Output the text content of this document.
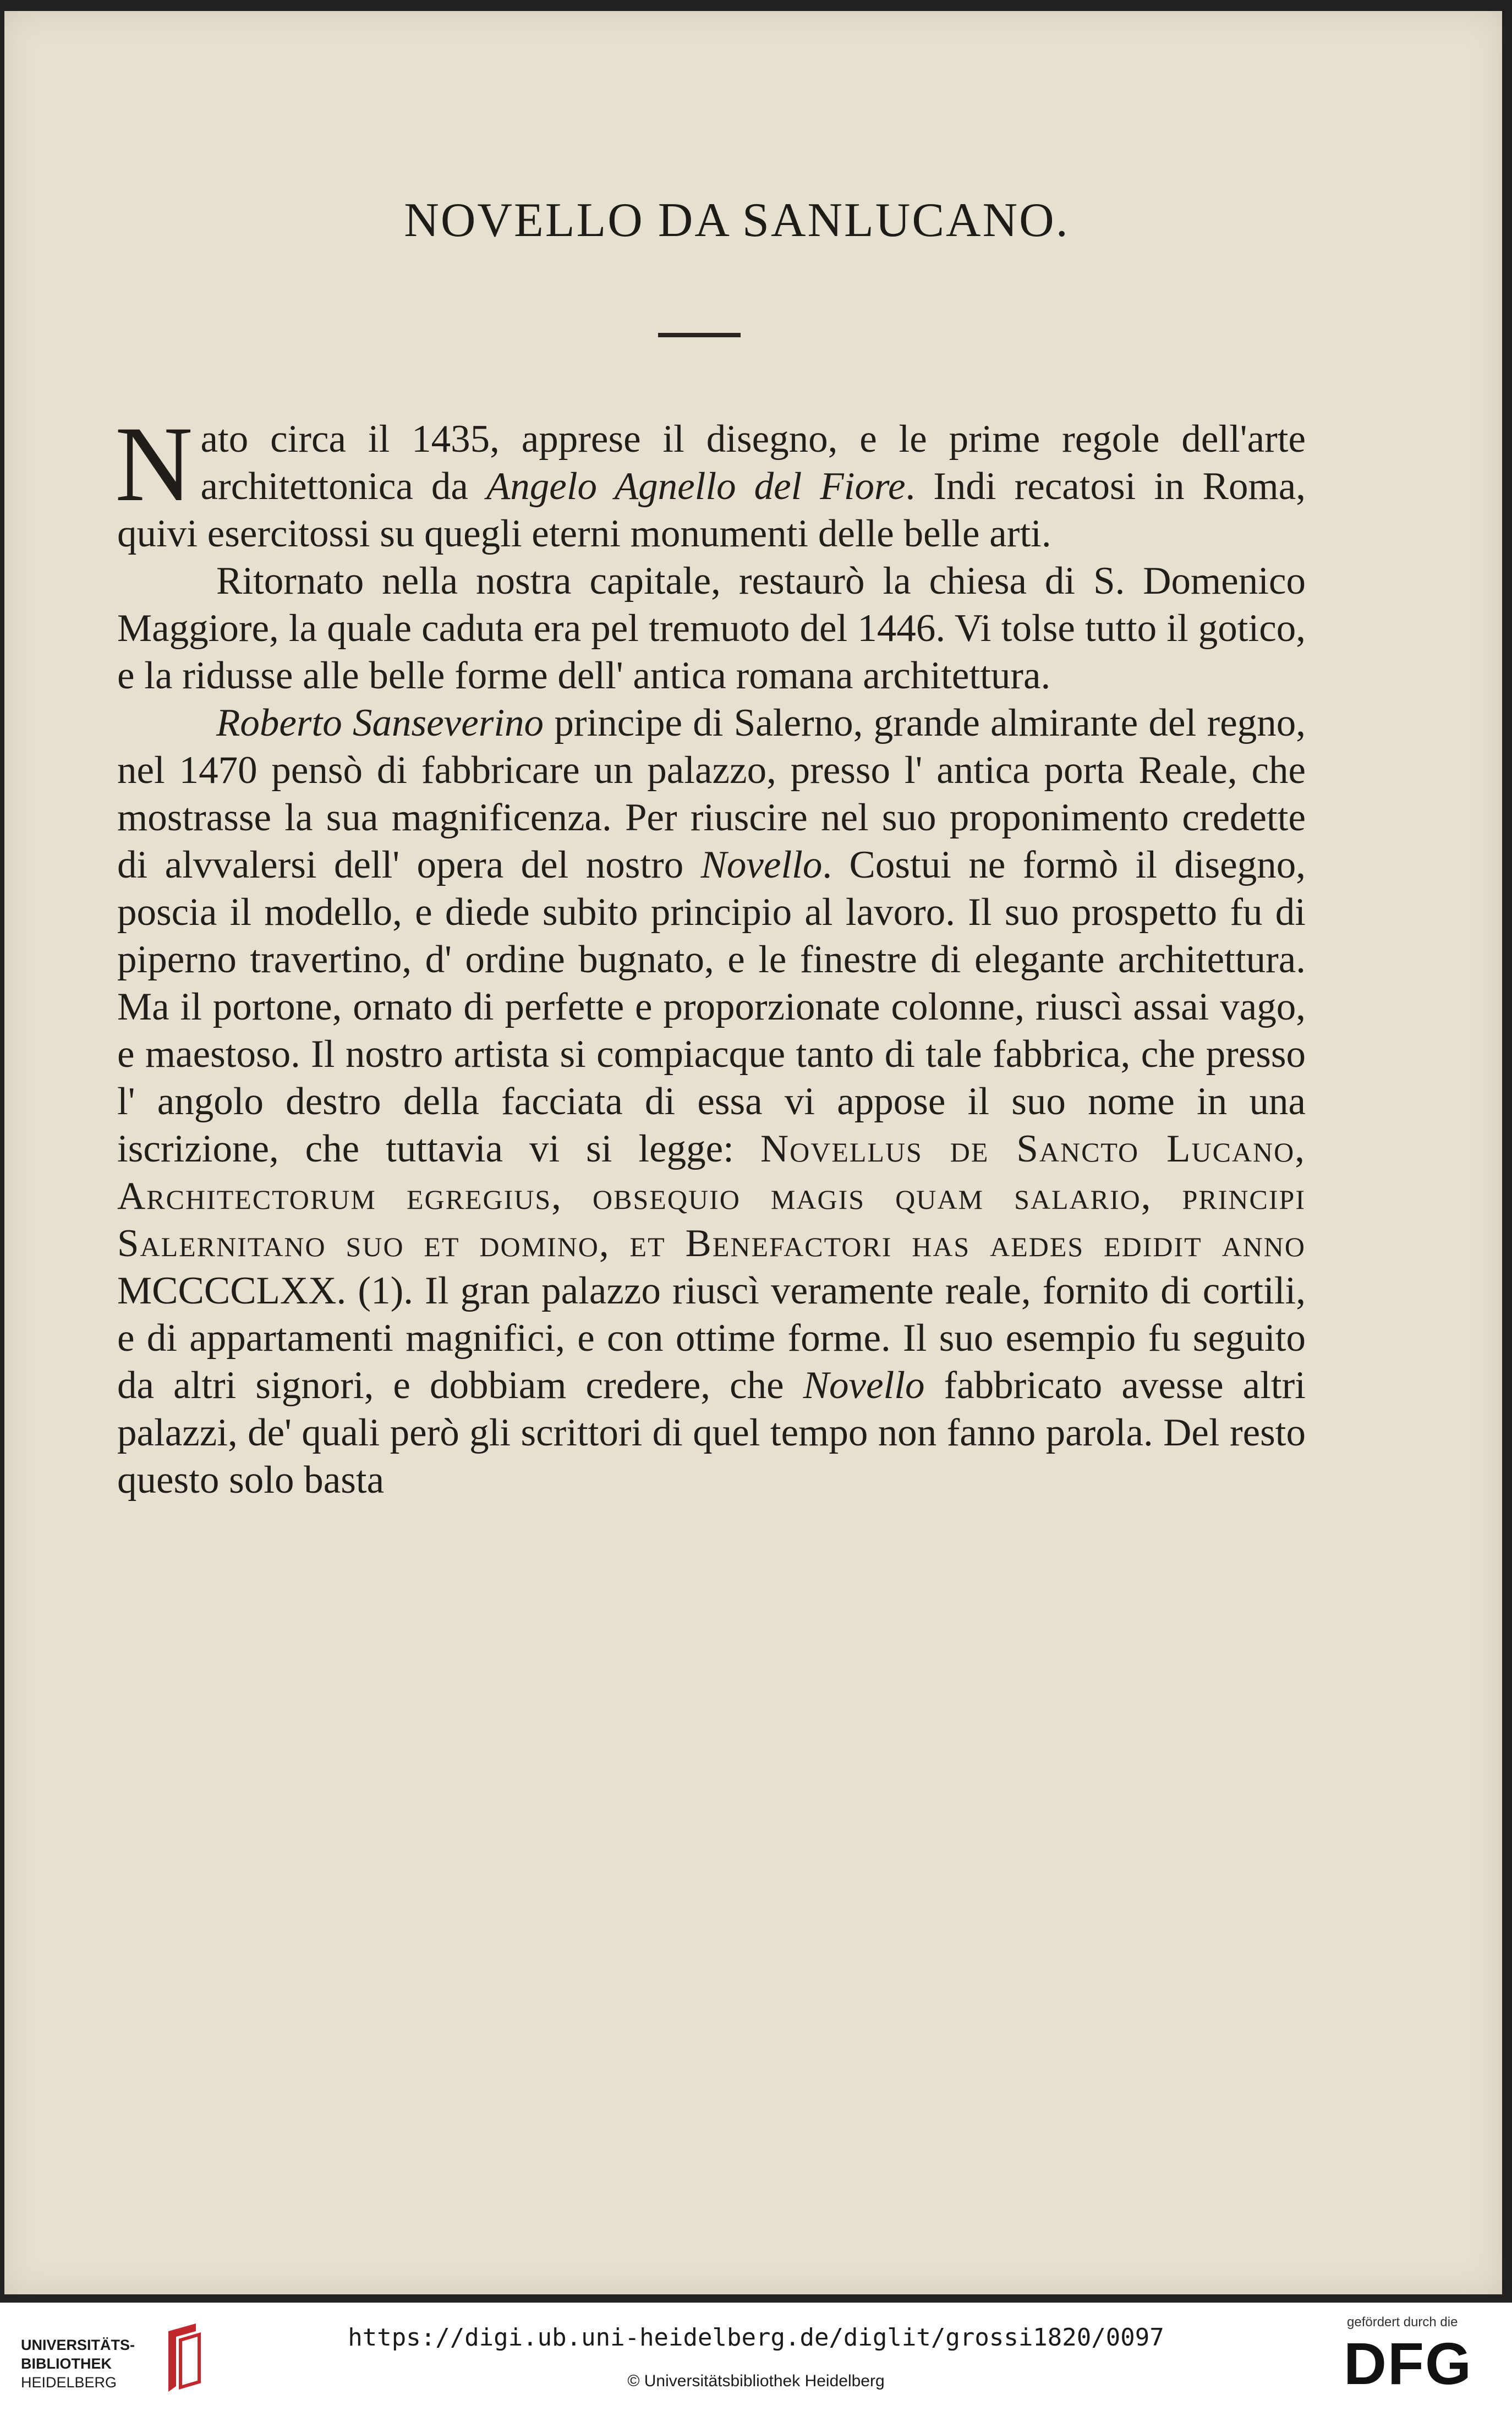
NOVELLO DA SANLUCANO.

Nato circa il 1435, apprese il disegno, e le prime regole dell'arte architettonica da Angelo Agnello del Fiore. Indi recatosi in Roma, quivi esercitossi su quegli eterni monumenti delle belle arti.

Ritornato nella nostra capitale, restaurò la chiesa di S. Domenico Maggiore, la quale caduta era pel tremuoto del 1446. Vi tolse tutto il gotico, e la ridusse alle belle forme dell' antica romana architettura.

Roberto Sanseverino principe di Salerno, grande almirante del regno, nel 1470 pensò di fabbricare un palazzo, presso l' antica porta Reale, che mostrasse la sua magnificenza. Per riuscire nel suo proponimento credette di alvvalersi dell' opera del nostro Novello. Costui ne formò il disegno, poscia il modello, e diede subito principio al lavoro. Il suo prospetto fu di piperno travertino, d' ordine bugnato, e le finestre di elegante architettura. Ma il portone, ornato di perfette e proporzionate colonne, riuscì assai vago, e maestoso. Il nostro artista si compiacque tanto di tale fabbrica, che presso l' angolo destro della facciata di essa vi appose il suo nome in una iscrizione, che tuttavia vi si legge: Novellus de Sancto Lucano, Architectorum egregius, obsequio magis quam salario, principi Salernitano suo et domino, et Benefactori has aedes edidit anno MCCCCLXX. (1). Il gran palazzo riuscì veramente reale, fornito di cortili, e di appartamenti magnifici, e con ottime forme. Il suo esempio fu seguito da altri signori, e dobbiam credere, che Novello fabbricato avesse altri palazzi, de' quali però gli scrittori di quel tempo non fanno parola. Del resto questo solo basta

UNIVERSITÄTS-
BIBLIOTHEK
HEIDELBERG
https://digi.ub.uni-heidelberg.de/diglit/grossi1820/0097
© Universitätsbibliothek Heidelberg
gefördert durch die
DFG
